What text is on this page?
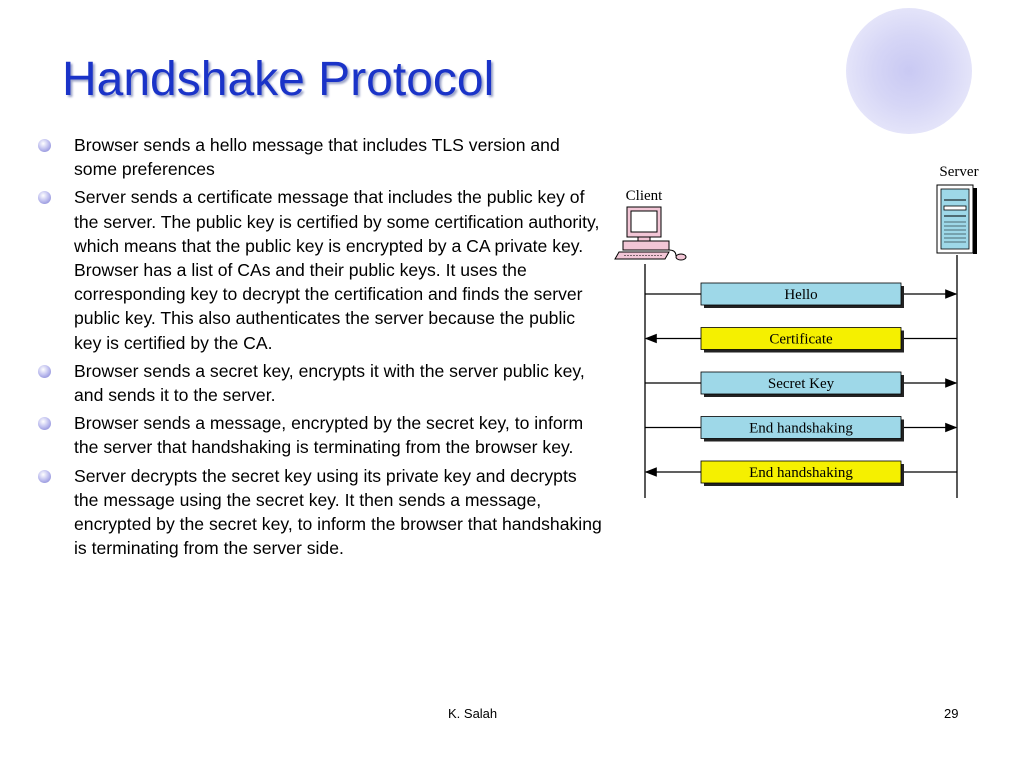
Handshake Protocol
Browser sends a hello message that includes TLS version and some preferences
Server sends a certificate message that includes the public key of the server. The public key is certified by some certification authority, which means that the public key is encrypted by a CA private key. Browser has a list of CAs and their public keys. It uses the corresponding key to decrypt the certification and finds the server public key. This also authenticates the server because the public key is certified by the CA.
Browser sends a secret key, encrypts it with the server public key, and sends it to the server.
Browser sends a message, encrypted by the secret key, to inform the server that handshaking is terminating from the browser key.
Server decrypts the secret key using its private key and decrypts the message using the secret key. It then sends a message, encrypted by the secret key, to inform the browser that handshaking is terminating from the server side.
Client
Server
Hello
Certificate
Secret Key
End handshaking
End handshaking
K. Salah	29
